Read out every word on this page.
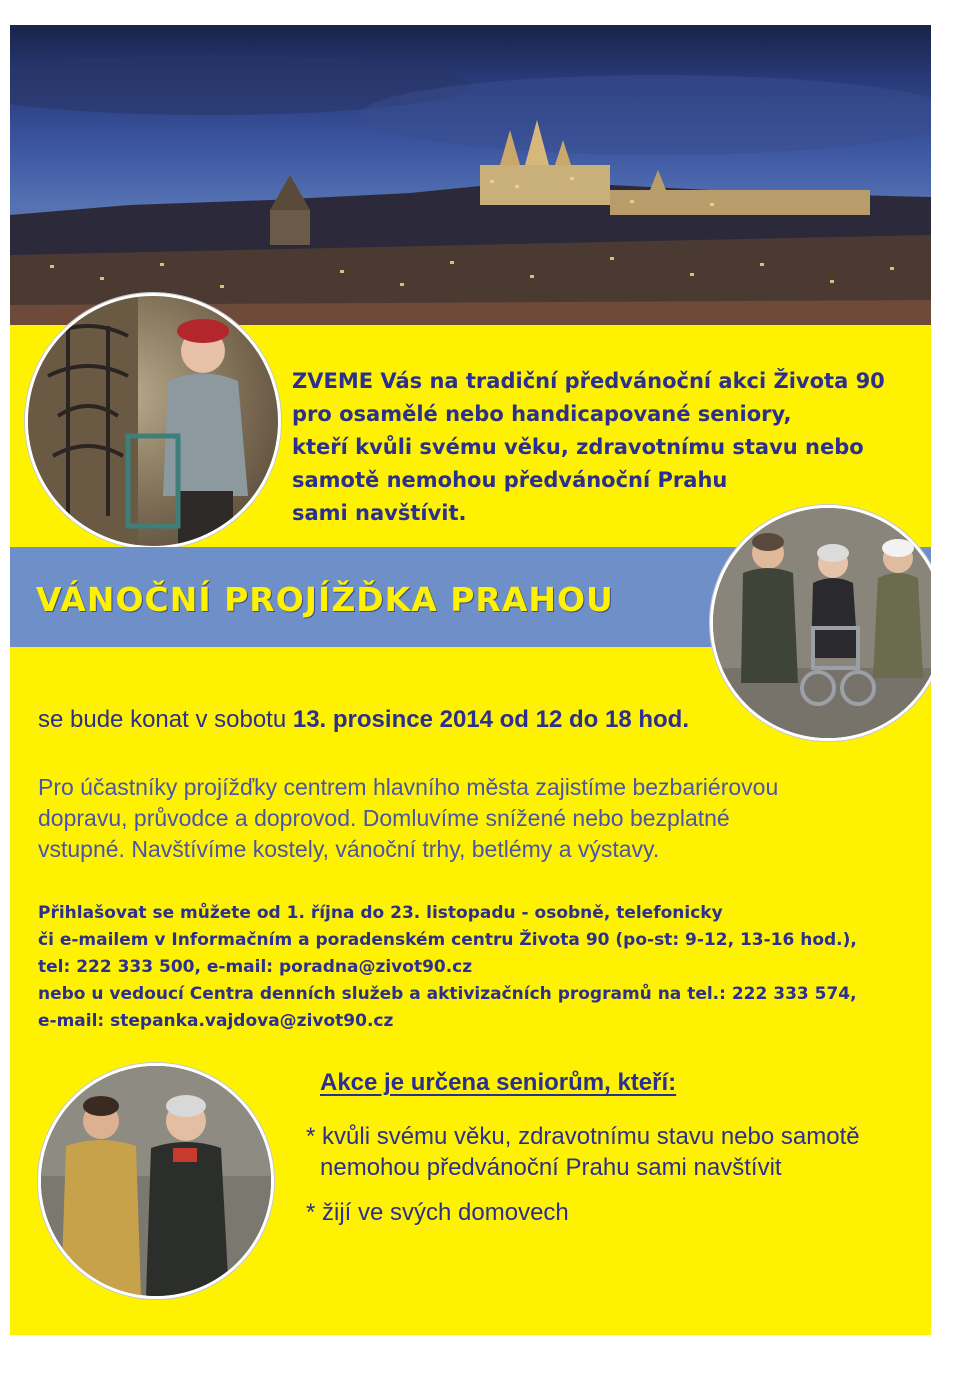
ZVEME Vás na tradiční předvánoční akci Života 90
pro osamělé nebo handicapované seniory,
kteří kvůli svému věku, zdravotnímu stavu nebo
samotě nemohou předvánoční Prahu
sami navštívit.
VÁNOČNÍ PROJÍŽĎKA PRAHOU
se bude konat v sobotu 13. prosince 2014 od 12 do 18 hod.
Pro účastníky projížďky centrem hlavního města zajistíme bezbariérovou
dopravu, průvodce a doprovod. Domluvíme snížené nebo bezplatné
vstupné. Navštívíme kostely, vánoční trhy, betlémy a výstavy.
Přihlašovat se můžete od 1. října do 23. listopadu - osobně, telefonicky
či e-mailem v Informačním a poradenském centru Života 90 (po-st: 9-12, 13-16 hod.),
tel: 222 333 500, e-mail: poradna@zivot90.cz
nebo u vedoucí Centra denních služeb a aktivizačních programů na tel.: 222 333 574,
e-mail: stepanka.vajdova@zivot90.cz
Akce je určena seniorům, kteří:
* kvůli svému věku, zdravotnímu stavu nebo samotě
nemohou předvánoční Prahu sami navštívit
* žijí ve svých domovech
